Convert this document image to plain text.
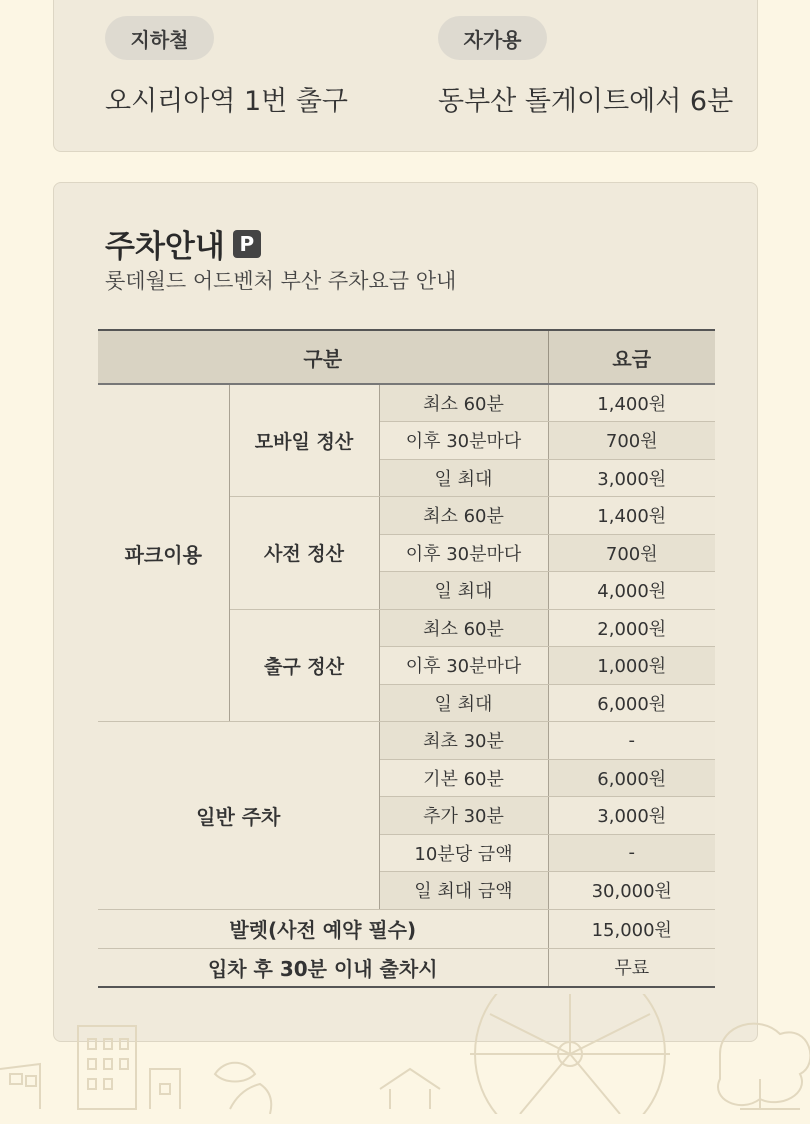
지하철
오시리아역 1번 출구
자가용
동부산 톨게이트에서 6분
주차안내 P
롯데월드 어드벤처 부산 주차요금 안내
구분			요금
파크이용	모바일 정산	최소 60분	1,400원
		이후 30분마다	700원
		일 최대	3,000원
	사전 정산	최소 60분	1,400원
		이후 30분마다	700원
		일 최대	4,000원
	출구 정산	최소 60분	2,000원
		이후 30분마다	1,000원
		일 최대	6,000원
일반 주차		최초 30분	-
		기본 60분	6,000원
		추가 30분	3,000원
		10분당 금액	-
		일 최대 금액	30,000원
발렛(사전 예약 필수)			15,000원
입차 후 30분 이내 출차시			무료
